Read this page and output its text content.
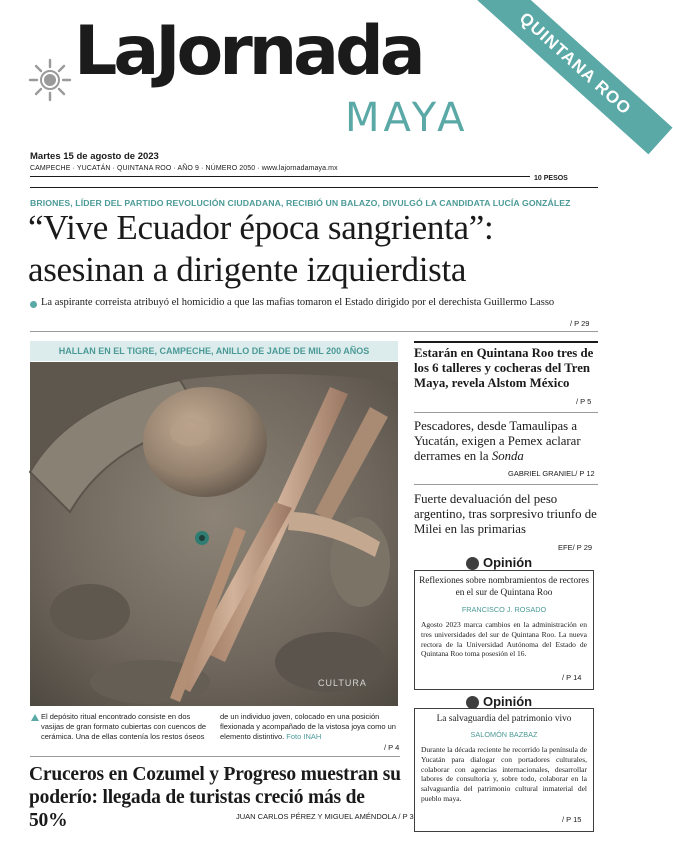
LaJornada
MAYA	QUINTANA ROO
Martes 15 de agosto de 2023
CAMPECHE · YUCATÁN · QUINTANA ROO · AÑO 9 · NÚMERO 2050 · www.lajornadamaya.mx
10 PESOS
BRIONES, LÍDER DEL PARTIDO REVOLUCIÓN CIUDADANA, RECIBIÓ UN BALAZO, DIVULGÓ LA CANDIDATA LUCÍA GONZÁLEZ
“Vive Ecuador época sangrienta”:
asesinan a dirigente izquierdista
La aspirante correista atribuyó el homicidio a que las mafias tomaron el Estado dirigido por el derechista Guillermo Lasso
/ P 29
HALLAN EN EL TIGRE, CAMPECHE, ANILLO DE JADE DE MIL 200 AÑOS
CULTURA
El depósito ritual encontrado consiste en dos vasijas de gran formato cubiertas con cuencos de cerámica. Una de ellas contenía los restos óseos
de un individuo joven, colocado en una posición flexionada y acompañado de la vistosa joya como un elemento distintivo. Foto INAH
/ P 4
Cruceros en Cozumel y Progreso muestran su poderío: llegada de turistas creció más de 50%	JUAN CARLOS PÉREZ Y MIGUEL AMÉNDOLA / P 3
Estarán en Quintana Roo tres de los 6 talleres y cocheras del Tren Maya, revela Alstom México
/ P 5
Pescadores, desde Tamaulipas a Yucatán, exigen a Pemex aclarar derrames en la Sonda
GABRIEL GRANIEL/ P 12
Fuerte devaluación del peso argentino, tras sorpresivo triunfo de Milei en las primarias
EFE/ P 29
Opinión
Reflexiones sobre nombramientos de rectores en el sur de Quintana Roo
FRANCISCO J. ROSADO
Agosto 2023 marca cambios en la administración en tres universidades del sur de Quintana Roo. La nueva rectora de la Universidad Autónoma del Estado de Quintana Roo toma posesión el 16.
/ P 14
Opinión
La salvaguardia del patrimonio vivo
SALOMÓN BAZBAZ
Durante la década reciente he recorrido la península de Yucatán para dialogar con portadores culturales, colaborar con agencias internacionales, desarrollar labores de consultoría y, sobre todo, colaborar en la salvaguardia del patrimonio cultural inmaterial del pueblo maya.
/ P 15
